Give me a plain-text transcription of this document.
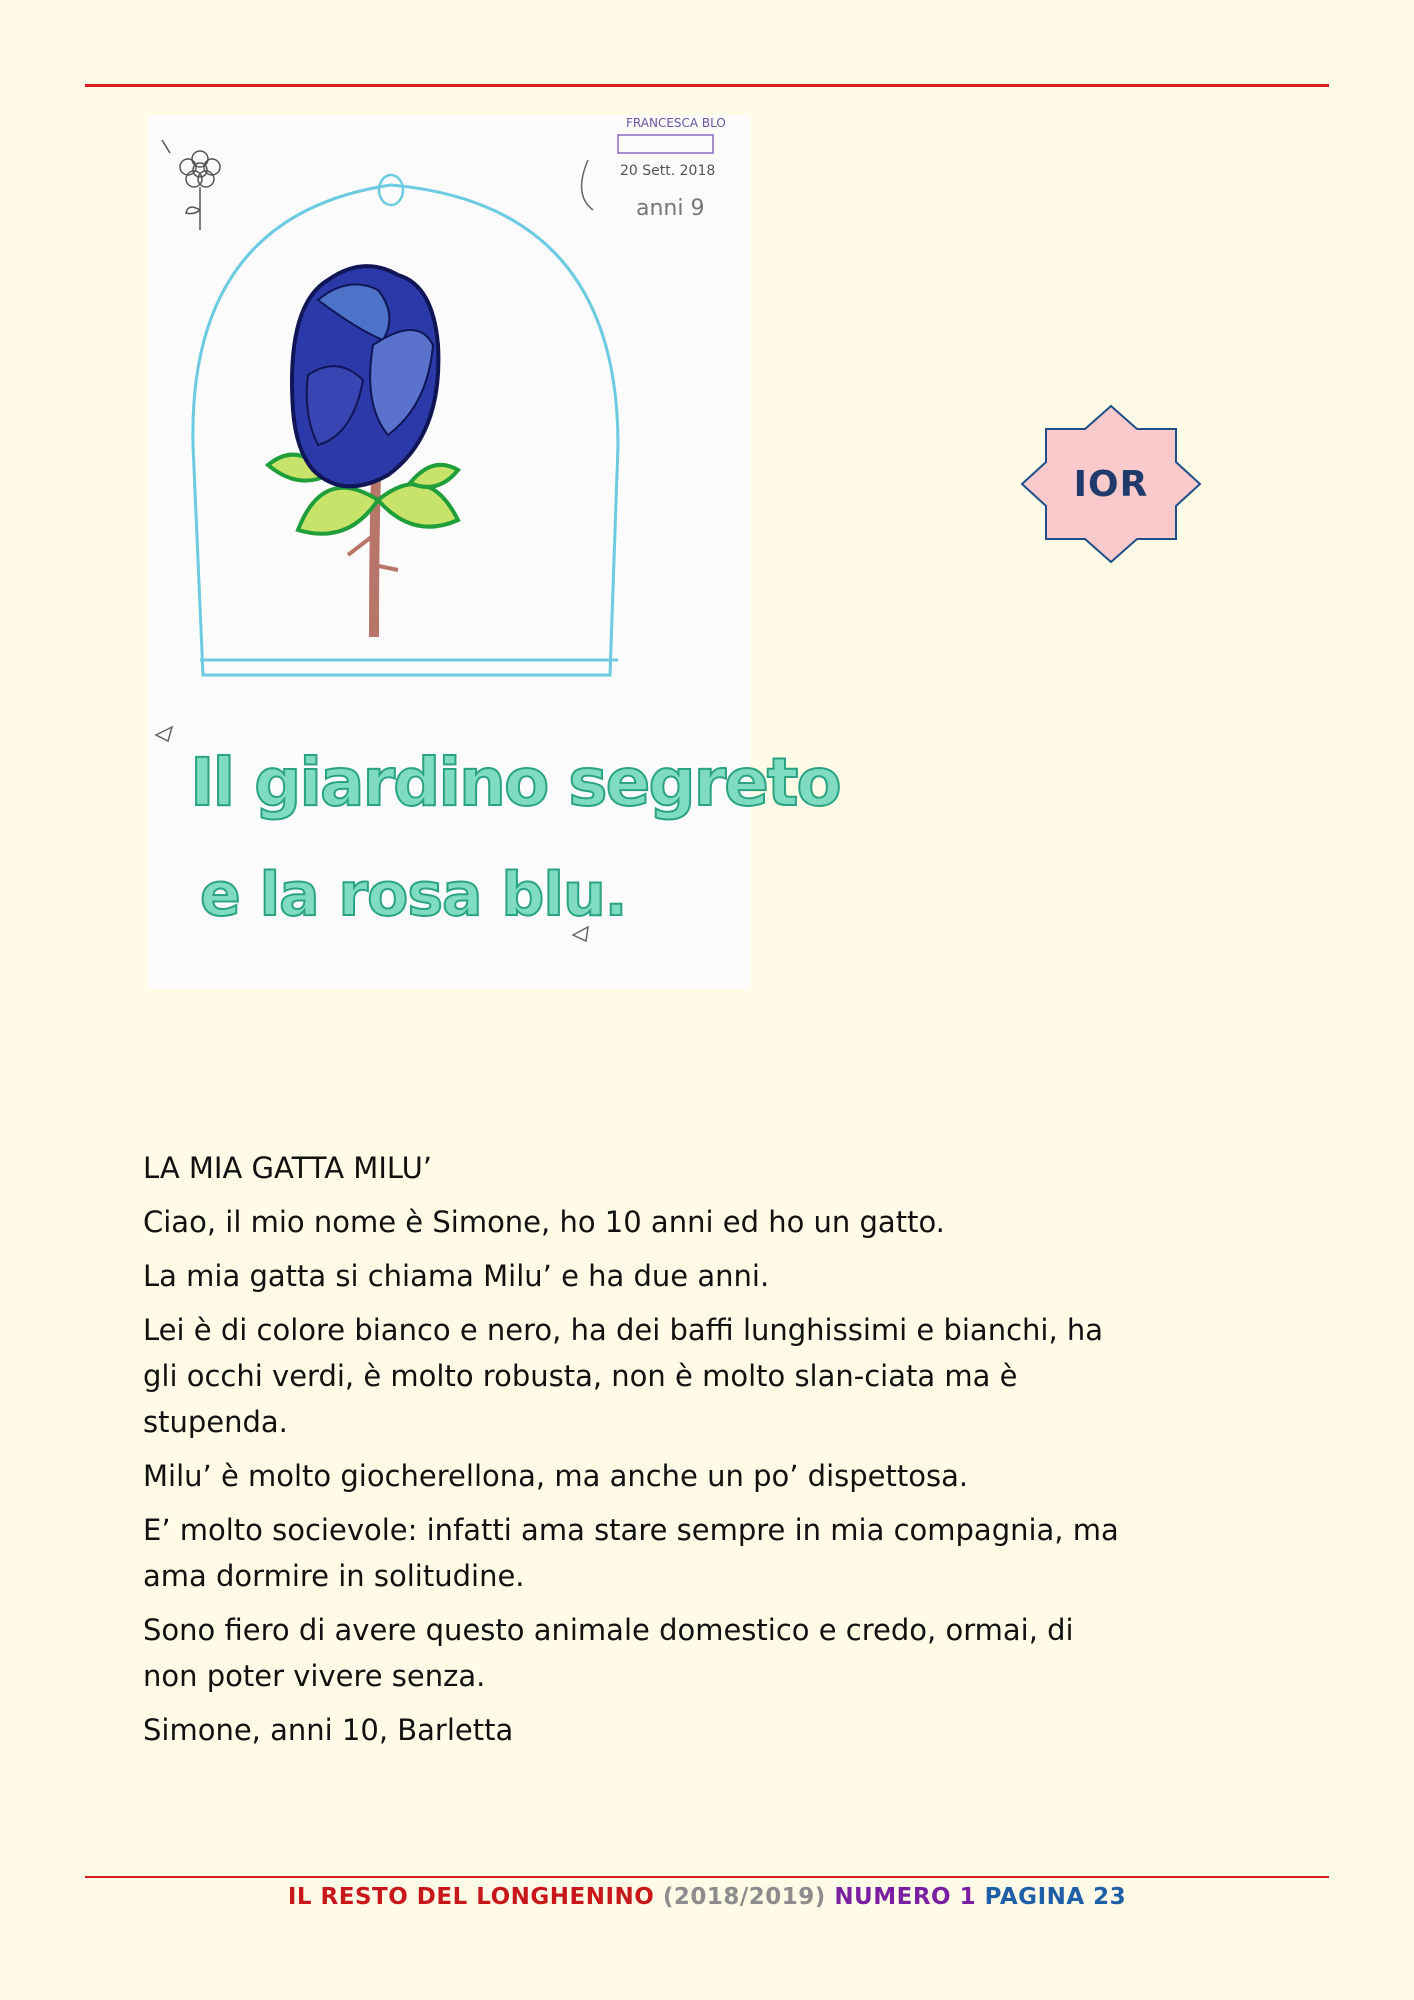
FRANCESCA BLO
20 Sett. 2018
anni 9
Il giardino segreto
e la rosa blu.
IOR

LA MIA GATTA MILU’

Ciao, il mio nome è Simone, ho 10 anni ed ho un gatto.

La mia gatta si chiama Milu’ e ha due anni.

Lei è di colore bianco e nero, ha dei baffi lunghissimi e bianchi, ha gli occhi verdi, è molto robusta, non è molto slan-ciata ma è stupenda.

Milu’ è molto giocherellona, ma anche un po’ dispettosa.

E’ molto socievole: infatti ama stare sempre in mia compagnia, ma ama dormire in solitudine.

Sono fiero di avere questo animale domestico e credo, ormai, di non poter vivere senza.

Simone, anni 10, Barletta

IL RESTO DEL LONGHENINO (2018/2019) NUMERO 1 PAGINA 23
